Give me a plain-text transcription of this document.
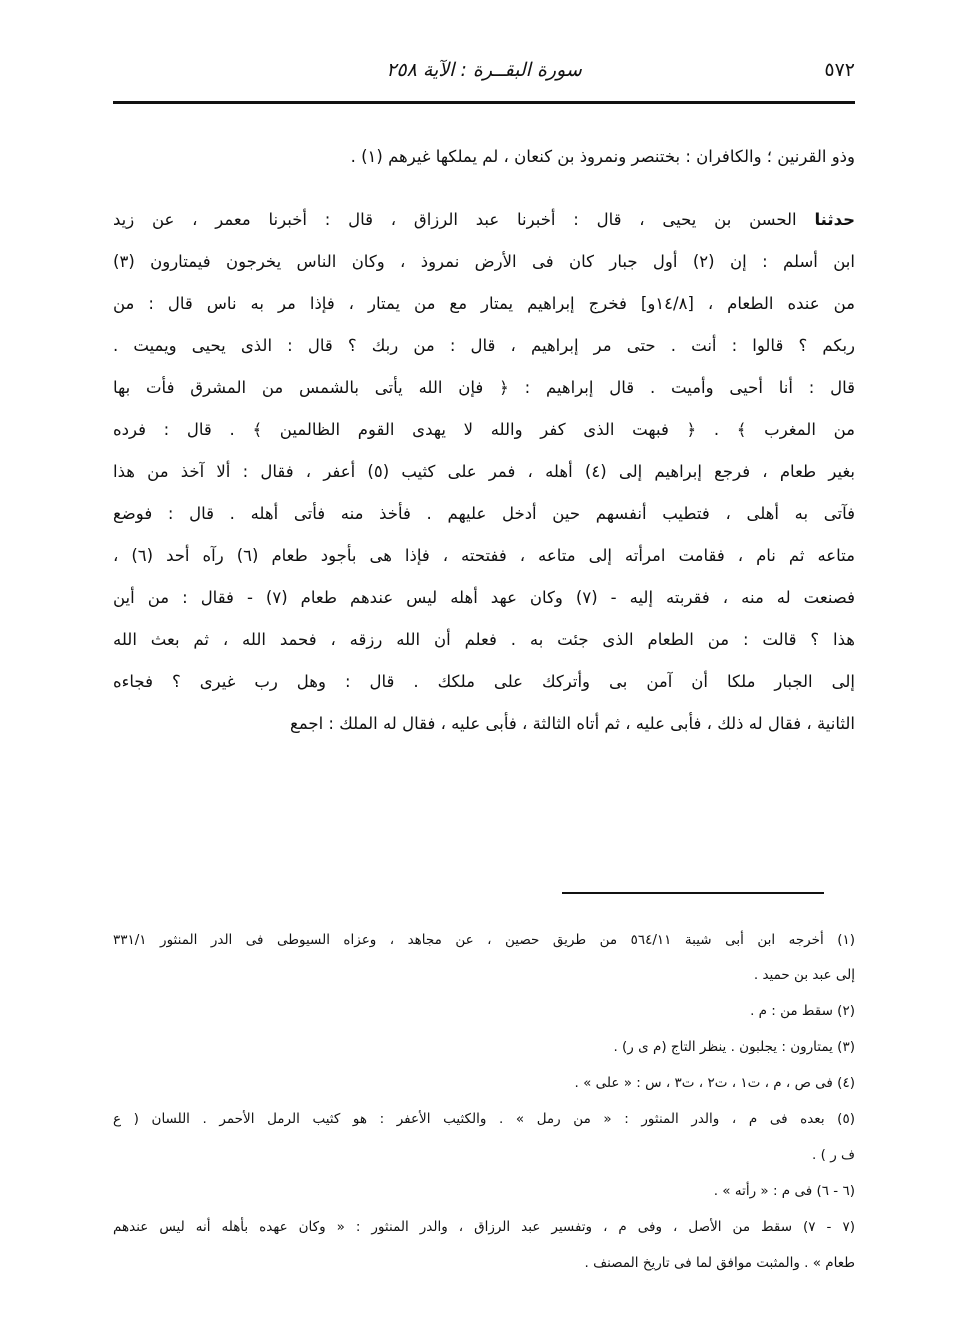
٥٧٢
سورة البقــرة : الآية ٢٥٨
وذو القرنين ؛ والكافران : بختنصر ونمروذ بن كنعان ، لم يملكها غيرهم (١) .
حدثنا الحسن بن يحيى ، قال : أخبرنا عبد الرزاق ، قال : أخبرنا معمر ، عن زيد
ابن أسلم : إن (٢) أول جبار كان فى الأرض نمروذ ، وكان الناس يخرجون فيمتارون (٣)
من عنده الطعام ، [١٤/٨و] فخرج إبراهيم يمتار مع من يمتار ، فإذا مر به ناس قال : من
ربكم ؟ قالوا : أنت . حتى مر إبراهيم ، قال : من ربك ؟ قال : الذى يحيى ويميت .
قال : أنا أحيى وأميت . قال إبراهيم : ﴿ فإن الله يأتى بالشمس من المشرق فأت بها
من المغرب ﴾ . ﴿ فبهت الذى كفر والله لا يهدى القوم الظالمين ﴾ . قال : فرده
بغير طعام ، فرجع إبراهيم إلى (٤) أهله ، فمر على كثيب (٥) أعفر ، فقال : ألا آخذ من هذا
فآتى به أهلى ، فتطيب أنفسهم حين أدخل عليهم . فأخذ منه فأتى أهله . قال : فوضع
متاعه ثم نام ، فقامت امرأته إلى متاعه ، ففتحته ، فإذا هى بأجود طعام (٦) رآه أحد (٦) ،
فصنعت له منه ، فقربته إليه - (٧) وكان عهد أهله ليس عندهم طعام (٧) - فقال : من أين
هذا ؟ قالت : من الطعام الذى جئت به . فعلم أن الله رزقه ، فحمد الله ، ثم بعث الله
إلى الجبار ملكا أن آمن بى وأتركك على ملكك . قال : وهل رب غيرى ؟ فجاءه
الثانية ، فقال له ذلك ، فأبى عليه ، ثم أتاه الثالثة ، فأبى عليه ، فقال له الملك : اجمع
(١) أخرجه ابن أبى شيبة ٥٦٤/١١ من طريق حصين ، عن مجاهد ، وعزاه السيوطى فى الدر المنثور ٣٣١/١
إلى عبد بن حميد .
(٢) سقط من : م .
(٣) يمتارون : يجلبون . ينظر التاج (م ى ر) .
(٤) فى ص ، م ، ت١ ، ت٢ ، ت٣ ، س : « على » .
(٥) بعده فى م ، والدر المنثور : « من رمل » . والكثيب الأعفر : هو كثيب الرمل الأحمر . اللسان ( ع
ف ر ) .
(٦ - ٦) فى م : « رأته » .
(٧ - ٧) سقط من الأصل ، وفى م ، وتفسير عبد الرزاق ، والدر المنثور : « وكان عهده بأهله أنه ليس عندهم
طعام » . والمثبت موافق لما فى تاريخ المصنف .
